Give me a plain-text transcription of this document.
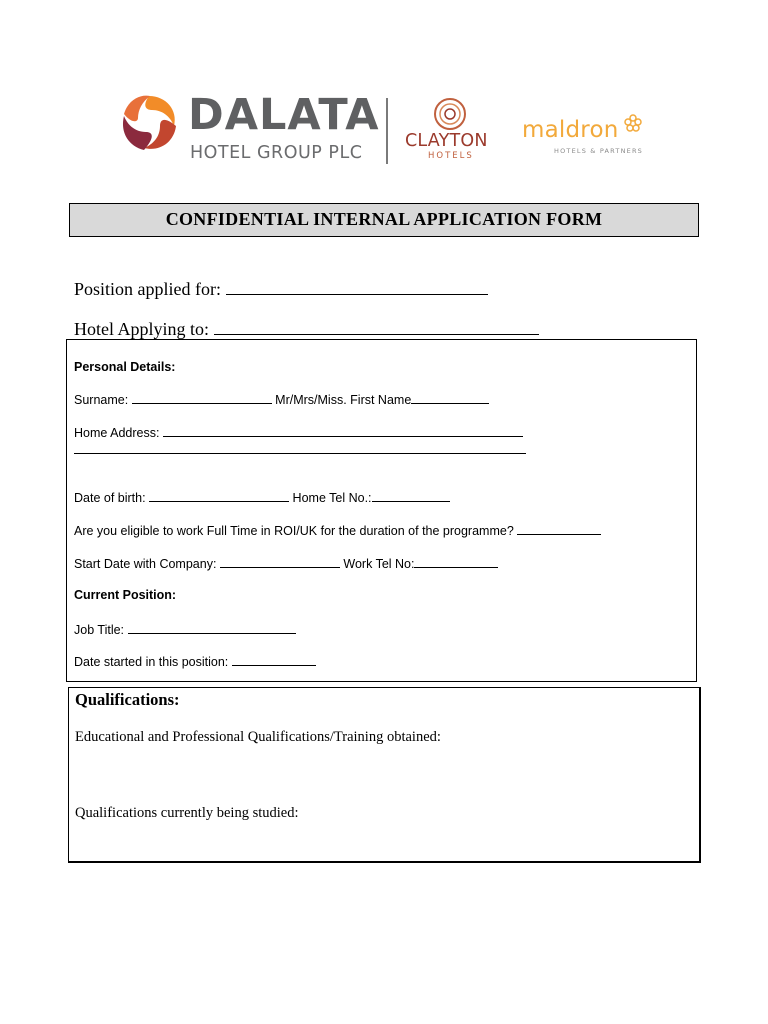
DALATA
HOTEL GROUP PLC
CLAYTON
HOTELS
maldron
HOTELS & PARTNERS
CONFIDENTIAL INTERNAL APPLICATION FORM
Position applied for:
Hotel Applying to:
Personal Details:
Surname:	Mr/Mrs/Miss. First Name
Home Address:
Date of birth:	Home Tel No.:
Are you eligible to work Full Time in ROI/UK for the duration of the programme?
Start Date with Company:	Work Tel No:
Current Position:
Job Title:
Date started in this position:
Qualifications:
Educational and Professional Qualifications/Training obtained:
Qualifications currently being studied:
